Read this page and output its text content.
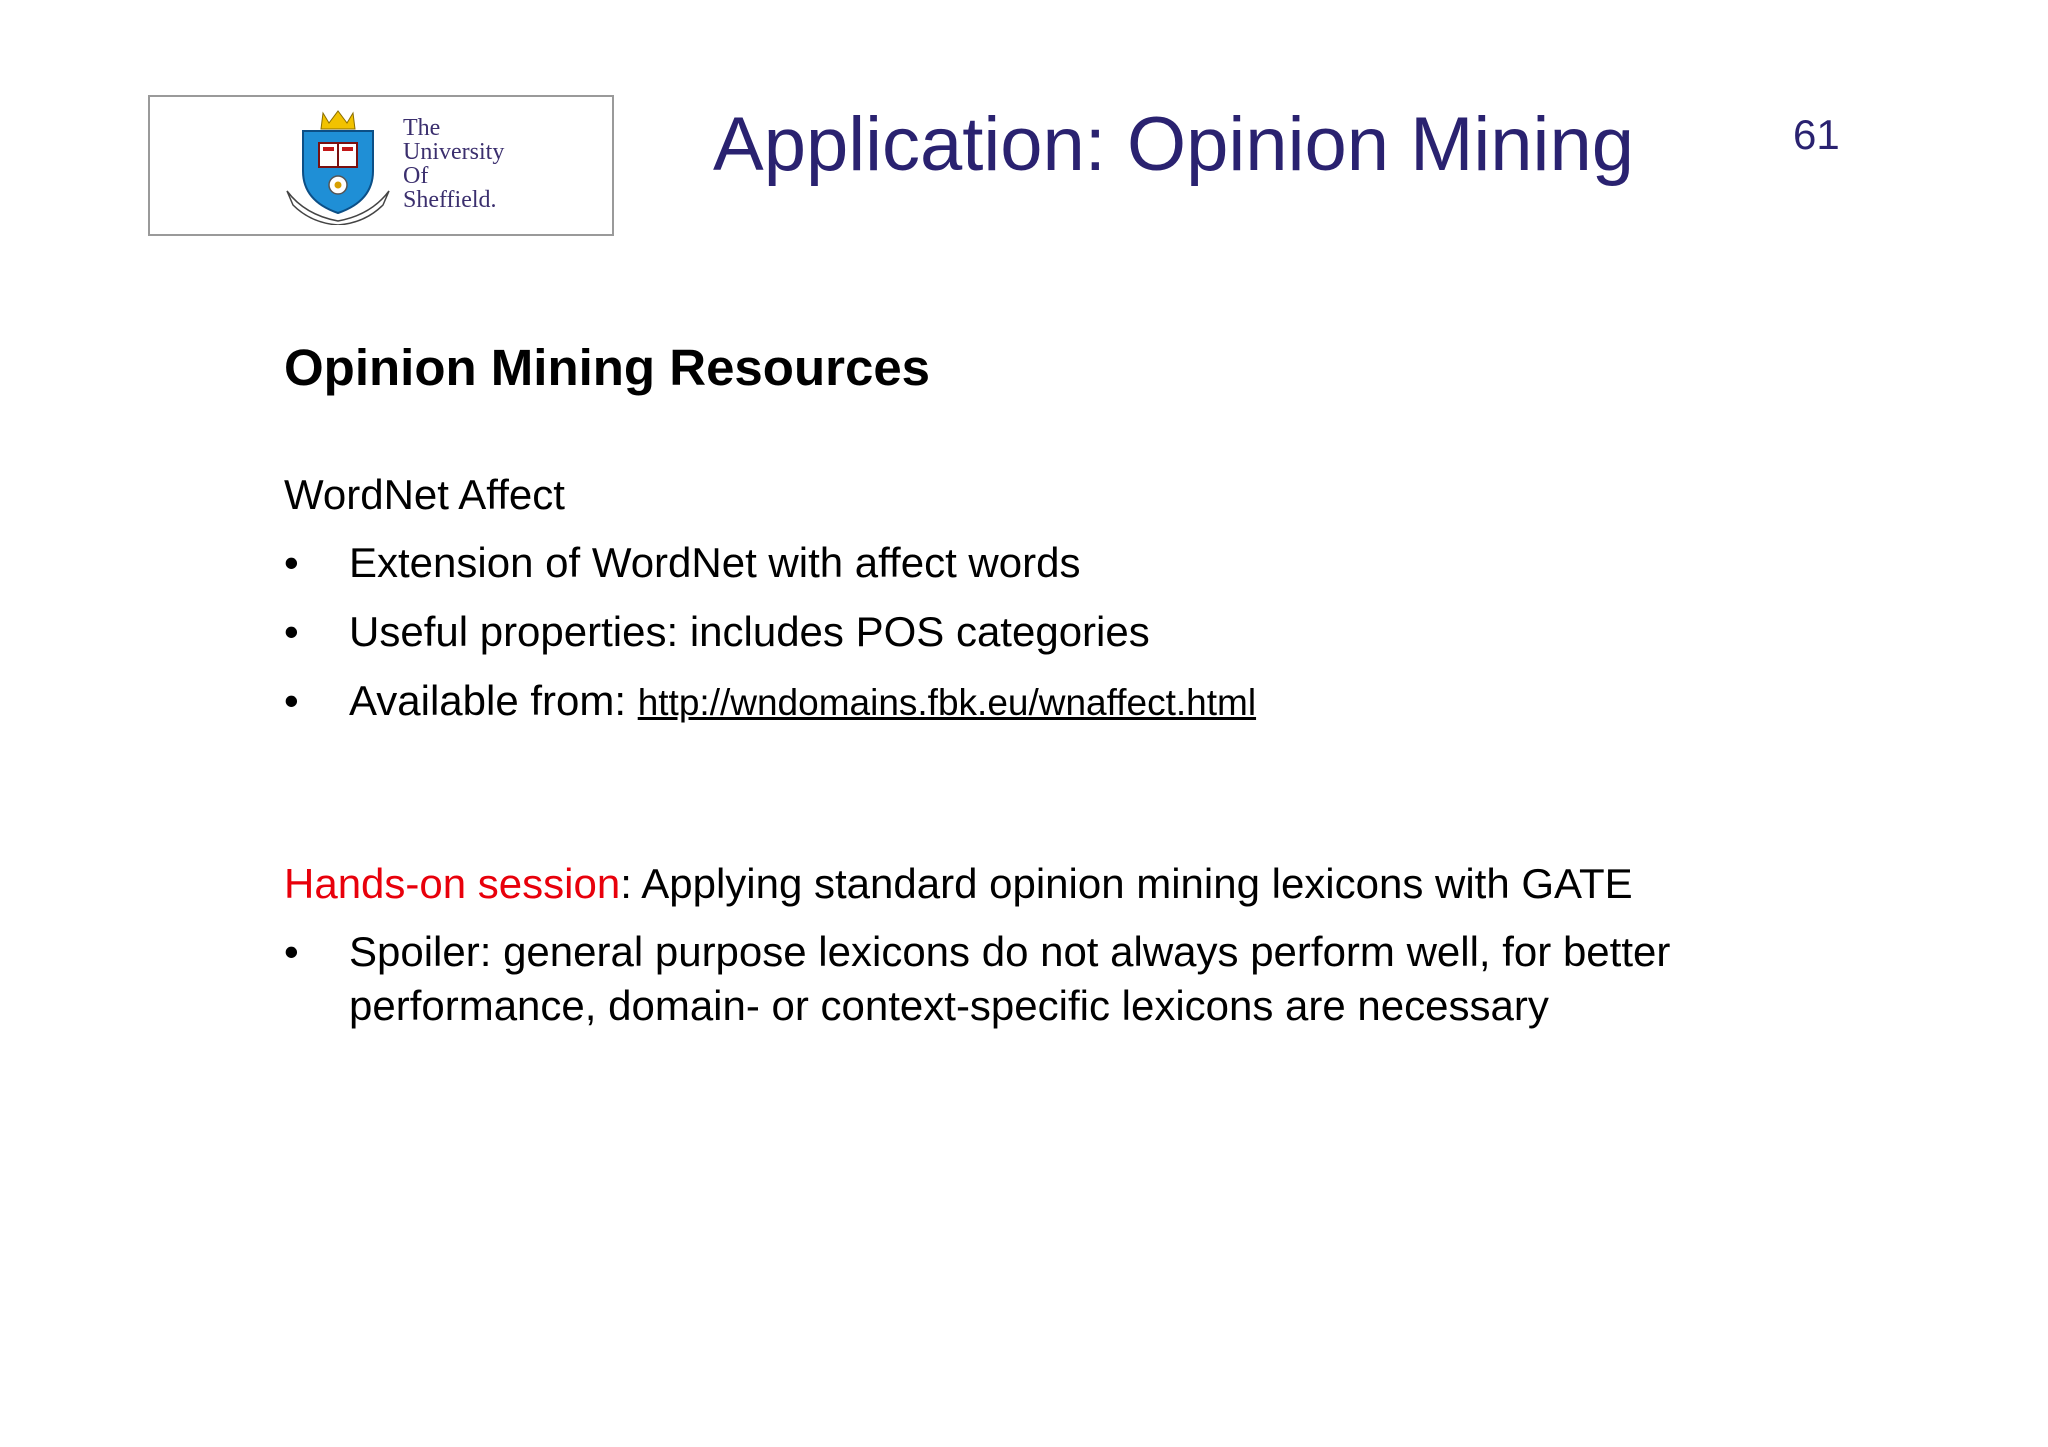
The
University
Of
Sheffield.
Application: Opinion Mining	61
Opinion Mining Resources
WordNet Affect
•	Extension of WordNet with affect words
•	Useful properties: includes POS categories
•	Available from: http://wndomains.fbk.eu/wnaffect.html
Hands-on session: Applying standard opinion mining lexicons with GATE
•	Spoiler: general purpose lexicons do not always perform well, for better
performance, domain- or context-specific lexicons are necessary
